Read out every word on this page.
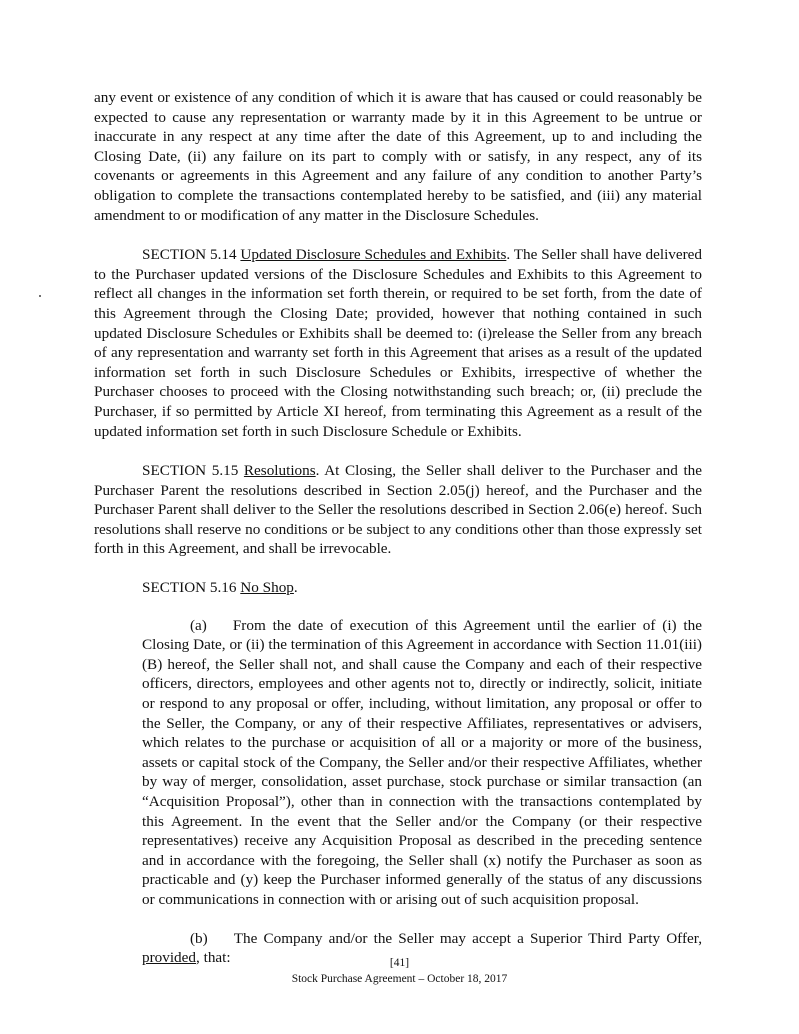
any event or existence of any condition of which it is aware that has caused or could reasonably be expected to cause any representation or warranty made by it in this Agreement to be untrue or inaccurate in any respect at any time after the date of this Agreement, up to and including the Closing Date, (ii) any failure on its part to comply with or satisfy, in any respect, any of its covenants or agreements in this Agreement and any failure of any condition to another Party’s obligation to complete the transactions contemplated hereby to be satisfied, and (iii) any material amendment to or modification of any matter in the Disclosure Schedules.

SECTION 5.14 Updated Disclosure Schedules and Exhibits. The Seller shall have delivered to the Purchaser updated versions of the Disclosure Schedules and Exhibits to this Agreement to reflect all changes in the information set forth therein, or required to be set forth, from the date of this Agreement through the Closing Date; provided, however that nothing contained in such updated Disclosure Schedules or Exhibits shall be deemed to: (i)release the Seller from any breach of any representation and warranty set forth in this Agreement that arises as a result of the updated information set forth in such Disclosure Schedules or Exhibits, irrespective of whether the Purchaser chooses to proceed with the Closing notwithstanding such breach; or, (ii) preclude the Purchaser, if so permitted by Article XI hereof, from terminating this Agreement as a result of the updated information set forth in such Disclosure Schedule or Exhibits.

SECTION 5.15 Resolutions. At Closing, the Seller shall deliver to the Purchaser and the Purchaser Parent the resolutions described in Section 2.05(j) hereof, and the Purchaser and the Purchaser Parent shall deliver to the Seller the resolutions described in Section 2.06(e) hereof. Such resolutions shall reserve no conditions or be subject to any conditions other than those expressly set forth in this Agreement, and shall be irrevocable.

SECTION 5.16 No Shop.

(a) From the date of execution of this Agreement until the earlier of (i) the Closing Date, or (ii) the termination of this Agreement in accordance with Section 11.01(iii)(B) hereof, the Seller shall not, and shall cause the Company and each of their respective officers, directors, employees and other agents not to, directly or indirectly, solicit, initiate or respond to any proposal or offer, including, without limitation, any proposal or offer to the Seller, the Company, or any of their respective Affiliates, representatives or advisers, which relates to the purchase or acquisition of all or a majority or more of the business, assets or capital stock of the Company, the Seller and/or their respective Affiliates, whether by way of merger, consolidation, asset purchase, stock purchase or similar transaction (an “Acquisition Proposal”), other than in connection with the transactions contemplated by this Agreement. In the event that the Seller and/or the Company (or their respective representatives) receive any Acquisition Proposal as described in the preceding sentence and in accordance with the foregoing, the Seller shall (x) notify the Purchaser as soon as practicable and (y) keep the Purchaser informed generally of the status of any discussions or communications in connection with or arising out of such acquisition proposal.

(b) The Company and/or the Seller may accept a Superior Third Party Offer, provided, that:	[41]
Stock Purchase Agreement – October 18, 2017
